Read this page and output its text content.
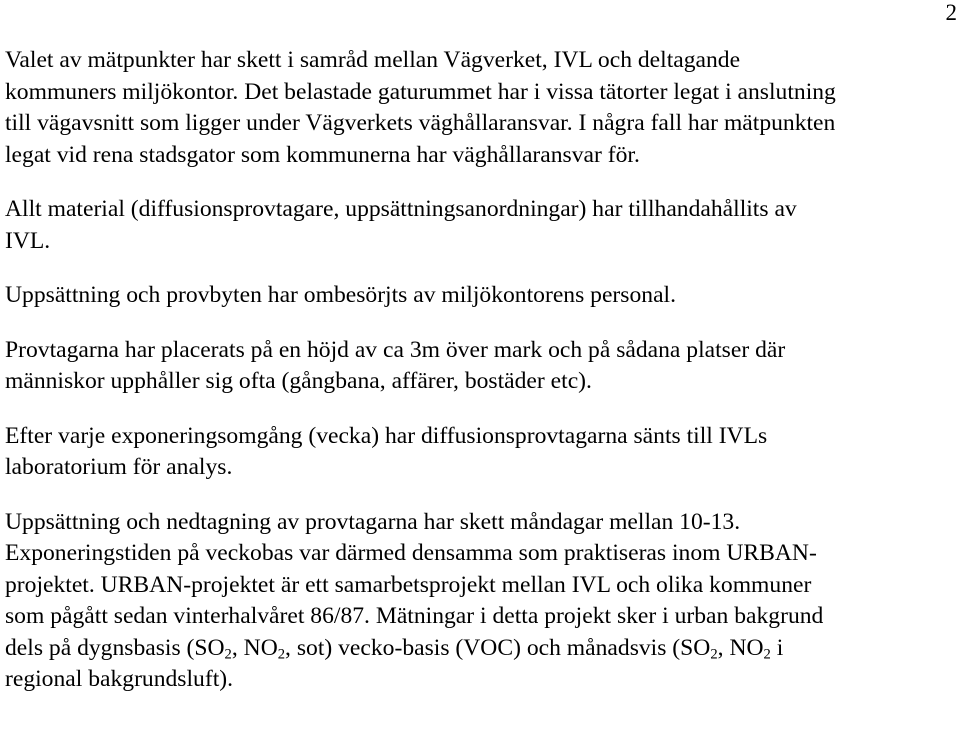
2

Valet av mätpunkter har skett i samråd mellan Vägverket, IVL och deltagande
kommuners miljökontor. Det belastade gaturummet har i vissa tätorter legat i anslutning
till vägavsnitt som ligger under Vägverkets väghållaransvar. I några fall har mätpunkten
legat vid rena stadsgator som kommunerna har väghållaransvar för.

Allt material (diffusionsprovtagare, uppsättningsanordningar) har tillhandahållits av
IVL.

Uppsättning och provbyten har ombesörjts av miljökontorens personal.

Provtagarna har placerats på en höjd av ca 3m över mark och på sådana platser där
människor upphåller sig ofta (gångbana, affärer, bostäder etc).

Efter varje exponeringsomgång (vecka) har diffusionsprovtagarna sänts till IVLs
laboratorium för analys.

Uppsättning och nedtagning av provtagarna har skett måndagar mellan 10-13.
Exponeringstiden på veckobas var därmed densamma som praktiseras inom URBAN-
projektet. URBAN-projektet är ett samarbetsprojekt mellan IVL och olika kommuner
som pågått sedan vinterhalvåret 86/87. Mätningar i detta projekt sker i urban bakgrund
dels på dygnsbasis ($SO_2$, $NO_2$, sot) vecko-basis (VOC) och månadsvis ($SO_2$, $NO_2$ i
regional bakgrundsluft).
